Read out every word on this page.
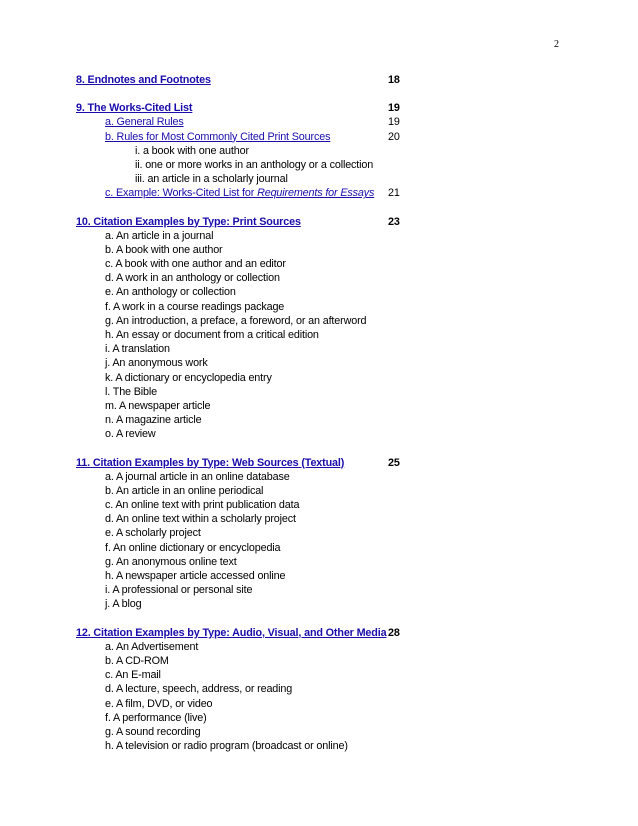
2
8. Endnotes and Footnotes	18
9. The Works-Cited List	19
a. General Rules	19
b. Rules for Most Commonly Cited Print Sources	20
i. a book with one author
ii. one or more works in an anthology or a collection
iii. an article in a scholarly journal
c. Example: Works-Cited List for Requirements for Essays 21
10. Citation Examples by Type: Print Sources	23
a. An article in a journal
b. A book with one author
c. A book with one author and an editor
d. A work in an anthology or collection
e. An anthology or collection
f. A work in a course readings package
g. An introduction, a preface, a foreword, or an afterword
h. An essay or document from a critical edition
i. A translation
j. An anonymous work
k. A dictionary or encyclopedia entry
l. The Bible
m. A newspaper article
n. A magazine article
o. A review
11. Citation Examples by Type: Web Sources (Textual)	25
a. A journal article in an online database
b. An article in an online periodical
c. An online text with print publication data
d. An online text within a scholarly project
e. A scholarly project
f. An online dictionary or encyclopedia
g. An anonymous online text
h. A newspaper article accessed online
i. A professional or personal site
j. A blog
12. Citation Examples by Type: Audio, Visual, and Other Media 28
a. An Advertisement
b. A CD-ROM
c. An E-mail
d. A lecture, speech, address, or reading
e. A film, DVD, or video
f. A performance (live)
g. A sound recording
h. A television or radio program (broadcast or online)
